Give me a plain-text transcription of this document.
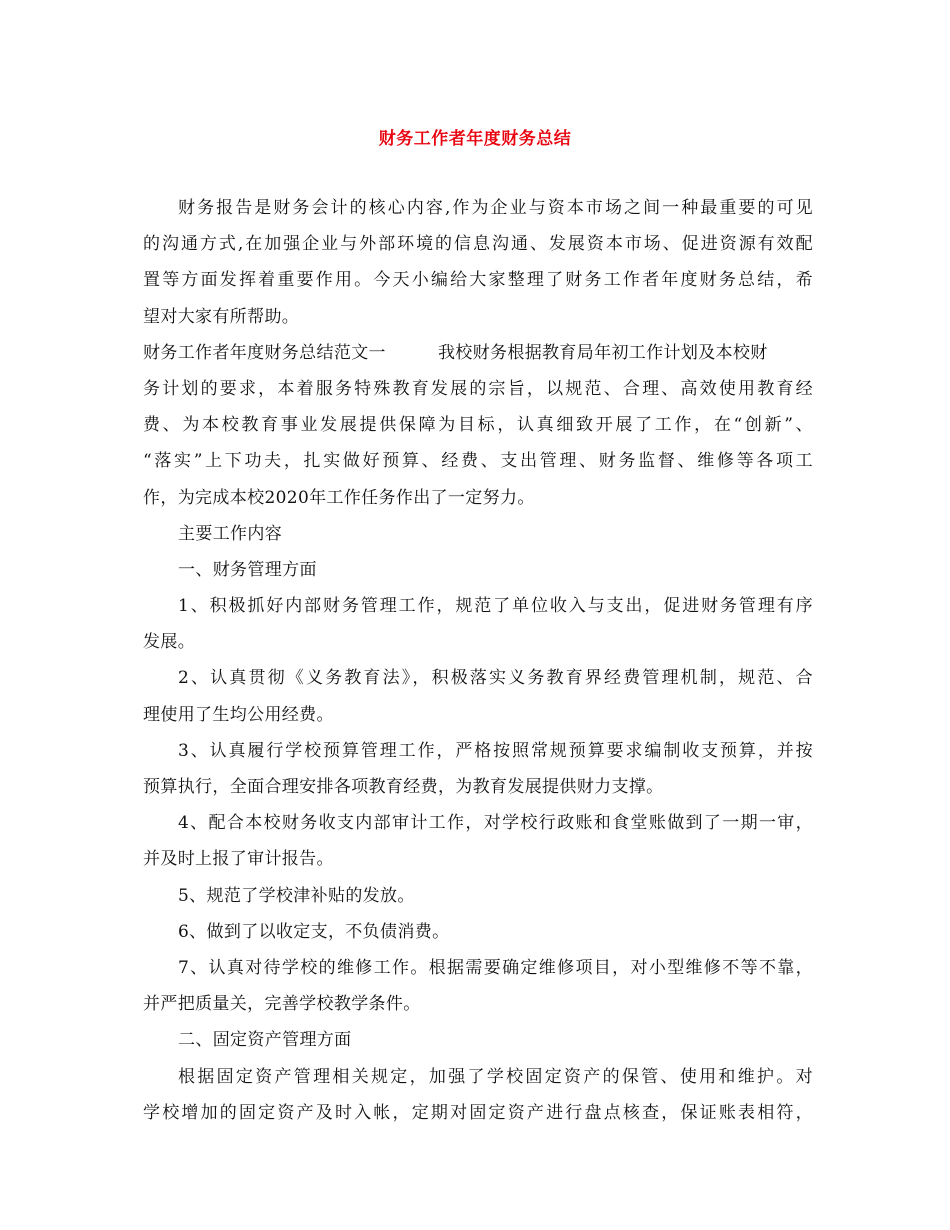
财务工作者年度财务总结
财务报告是财务会计的核心内容,作为企业与资本市场之间一种最重要的可见
的沟通方式,在加强企业与外部环境的信息沟通、发展资本市场、促进资源有效配
置等方面发挥着重要作用。今天小编给大家整理了财务工作者年度财务总结，希
望对大家有所帮助。
财务工作者年度财务总结范文一　　　我校财务根据教育局年初工作计划及本校财
务计划的要求，本着服务特殊教育发展的宗旨，以规范、合理、高效使用教育经
费、为本校教育事业发展提供保障为目标，认真细致开展了工作，在“创新”、
“落实”上下功夫，扎实做好预算、经费、支出管理、财务监督、维修等各项工
作，为完成本校2020年工作任务作出了一定努力。
主要工作内容
一、财务管理方面
1、积极抓好内部财务管理工作，规范了单位收入与支出，促进财务管理有序
发展。
2、认真贯彻《义务教育法》，积极落实义务教育界经费管理机制，规范、合
理使用了生均公用经费。
3、认真履行学校预算管理工作，严格按照常规预算要求编制收支预算，并按
预算执行，全面合理安排各项教育经费，为教育发展提供财力支撑。
4、配合本校财务收支内部审计工作，对学校行政账和食堂账做到了一期一审，
并及时上报了审计报告。
5、规范了学校津补贴的发放。
6、做到了以收定支，不负债消费。
7、认真对待学校的维修工作。根据需要确定维修项目，对小型维修不等不靠，
并严把质量关，完善学校教学条件。
二、固定资产管理方面
根据固定资产管理相关规定，加强了学校固定资产的保管、使用和维护。对
学校增加的固定资产及时入帐，定期对固定资产进行盘点核查，保证账表相符，
